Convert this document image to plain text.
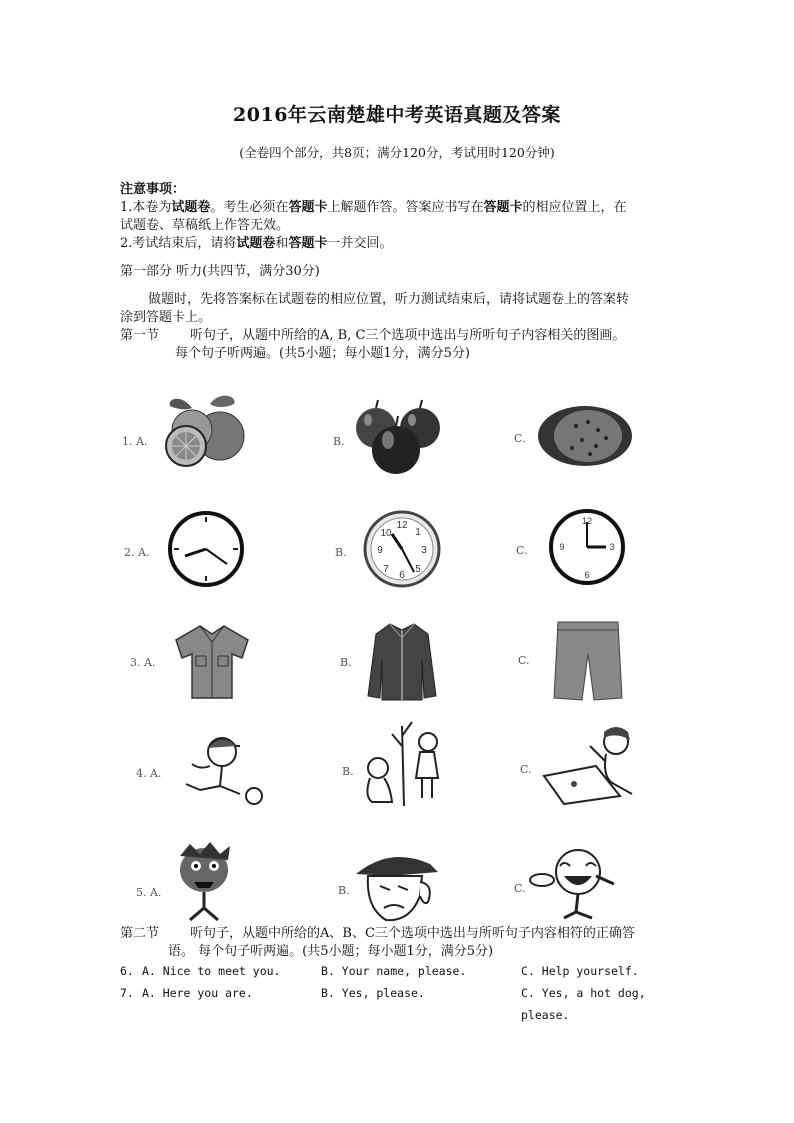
2016年云南楚雄中考英语真题及答案
(全卷四个部分，共8页；满分120分，考试用时120分钟)
注意事项：
1.本卷为试题卷。考生必须在答题卡上解题作答。答案应书写在答题卡的相应位置上，在
试题卷、草稿纸上作答无效。
2.考试结束后，请将试题卷和答题卡一并交回。
第一部分 听力(共四节，满分30分)
做题时，先将答案标在试题卷的相应位置，听力测试结束后，请将试题卷上的答案转
涂到答题卡上。
第一节 听句子，从题中所给的A, B, C三个选项中选出与所听句子内容相关的图画。
每个句子听两遍。(共5小题；每小题1分，满分5分)
1. A.	B.	C.
2. A.	B.	C.
3. A.	B.	C.
4. A.	B.	C.
5. A.	B.	C.
12
3
6
9
1
10
5
7
12
3
6
9
第二节 听句子，从题中所给的A、B、C三个选项中选出与所听句子内容相符的正确答
语。 每个句子听两遍。(共5小题；每小题1分，满分5分)
6. A. Nice to meet you.	B. Your name, please.	C. Help yourself.
7. A. Here you are.	B. Yes, please.	C. Yes, a hot dog,
please.
